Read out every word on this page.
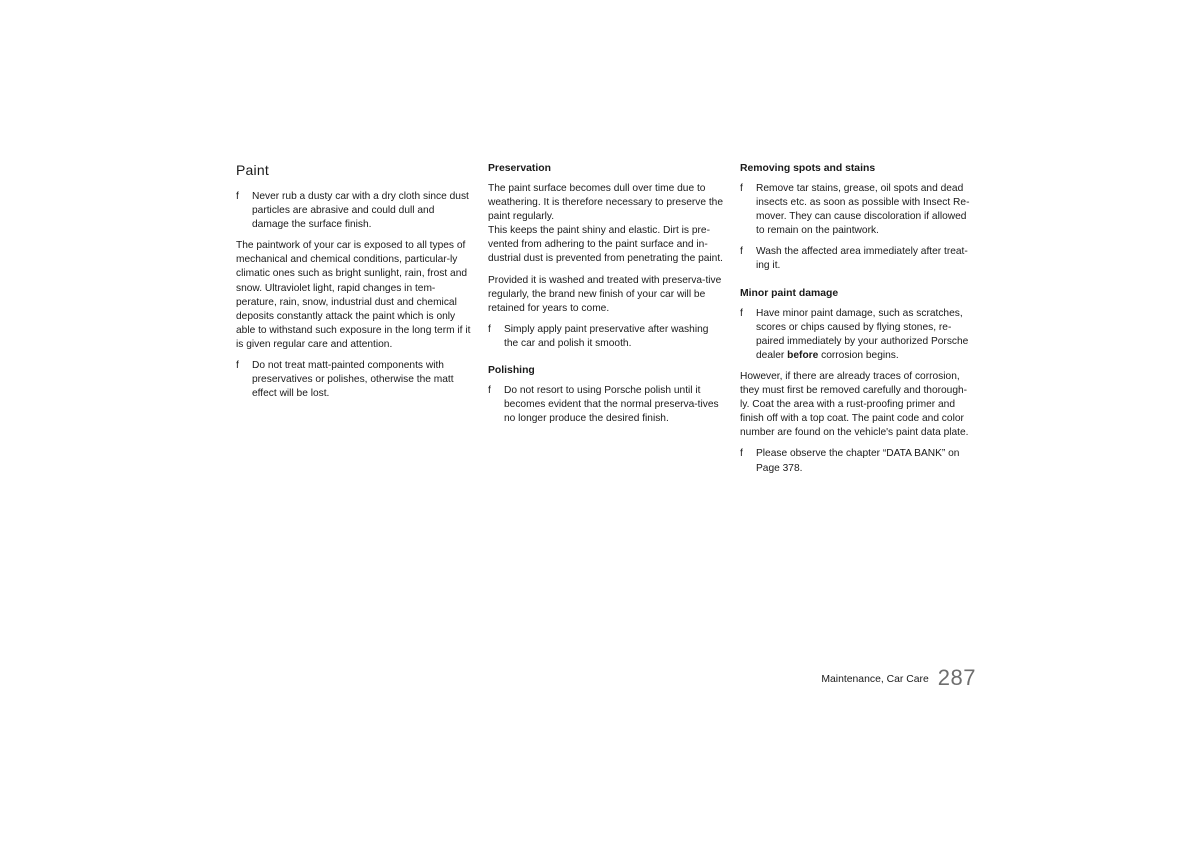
Paint
f	Never rub a dusty car with a dry cloth since dust particles are abrasive and could dull and damage the surface finish.

The paintwork of your car is exposed to all types of mechanical and chemical conditions, particular-ly climatic ones such as bright sunlight, rain, frost and snow. Ultraviolet light, rapid changes in tem-perature, rain, snow, industrial dust and chemical deposits constantly attack the paint which is only able to withstand such exposure in the long term if it is given regular care and attention.

f	Do not treat matt-painted components with preservatives or polishes, otherwise the matt effect will be lost.
Preservation

The paint surface becomes dull over time due to weathering. It is therefore necessary to preserve the paint regularly.

This keeps the paint shiny and elastic. Dirt is pre-vented from adhering to the paint surface and in-dustrial dust is prevented from penetrating the paint.

Provided it is washed and treated with preserva-tive regularly, the brand new finish of your car will be retained for years to come.

f	Simply apply paint preservative after washing the car and polish it smooth.
Polishing
f	Do not resort to using Porsche polish until it becomes evident that the normal preserva-tives no longer produce the desired finish.
Removing spots and stains
f	Remove tar stains, grease, oil spots and dead insects etc. as soon as possible with Insect Re-mover. They can cause discoloration if allowed to remain on the paintwork.
f	Wash the affected area immediately after treat-ing it.
Minor paint damage
f	Have minor paint damage, such as scratches, scores or chips caused by flying stones, re-paired immediately by your authorized Porsche dealer before corrosion begins.

However, if there are already traces of corrosion, they must first be removed carefully and thorough-ly. Coat the area with a rust-proofing primer and finish off with a top coat. The paint code and color number are found on the vehicle's paint data plate.

f	Please observe the chapter “DATA BANK” on Page 378.
Maintenance, Car Care 287
